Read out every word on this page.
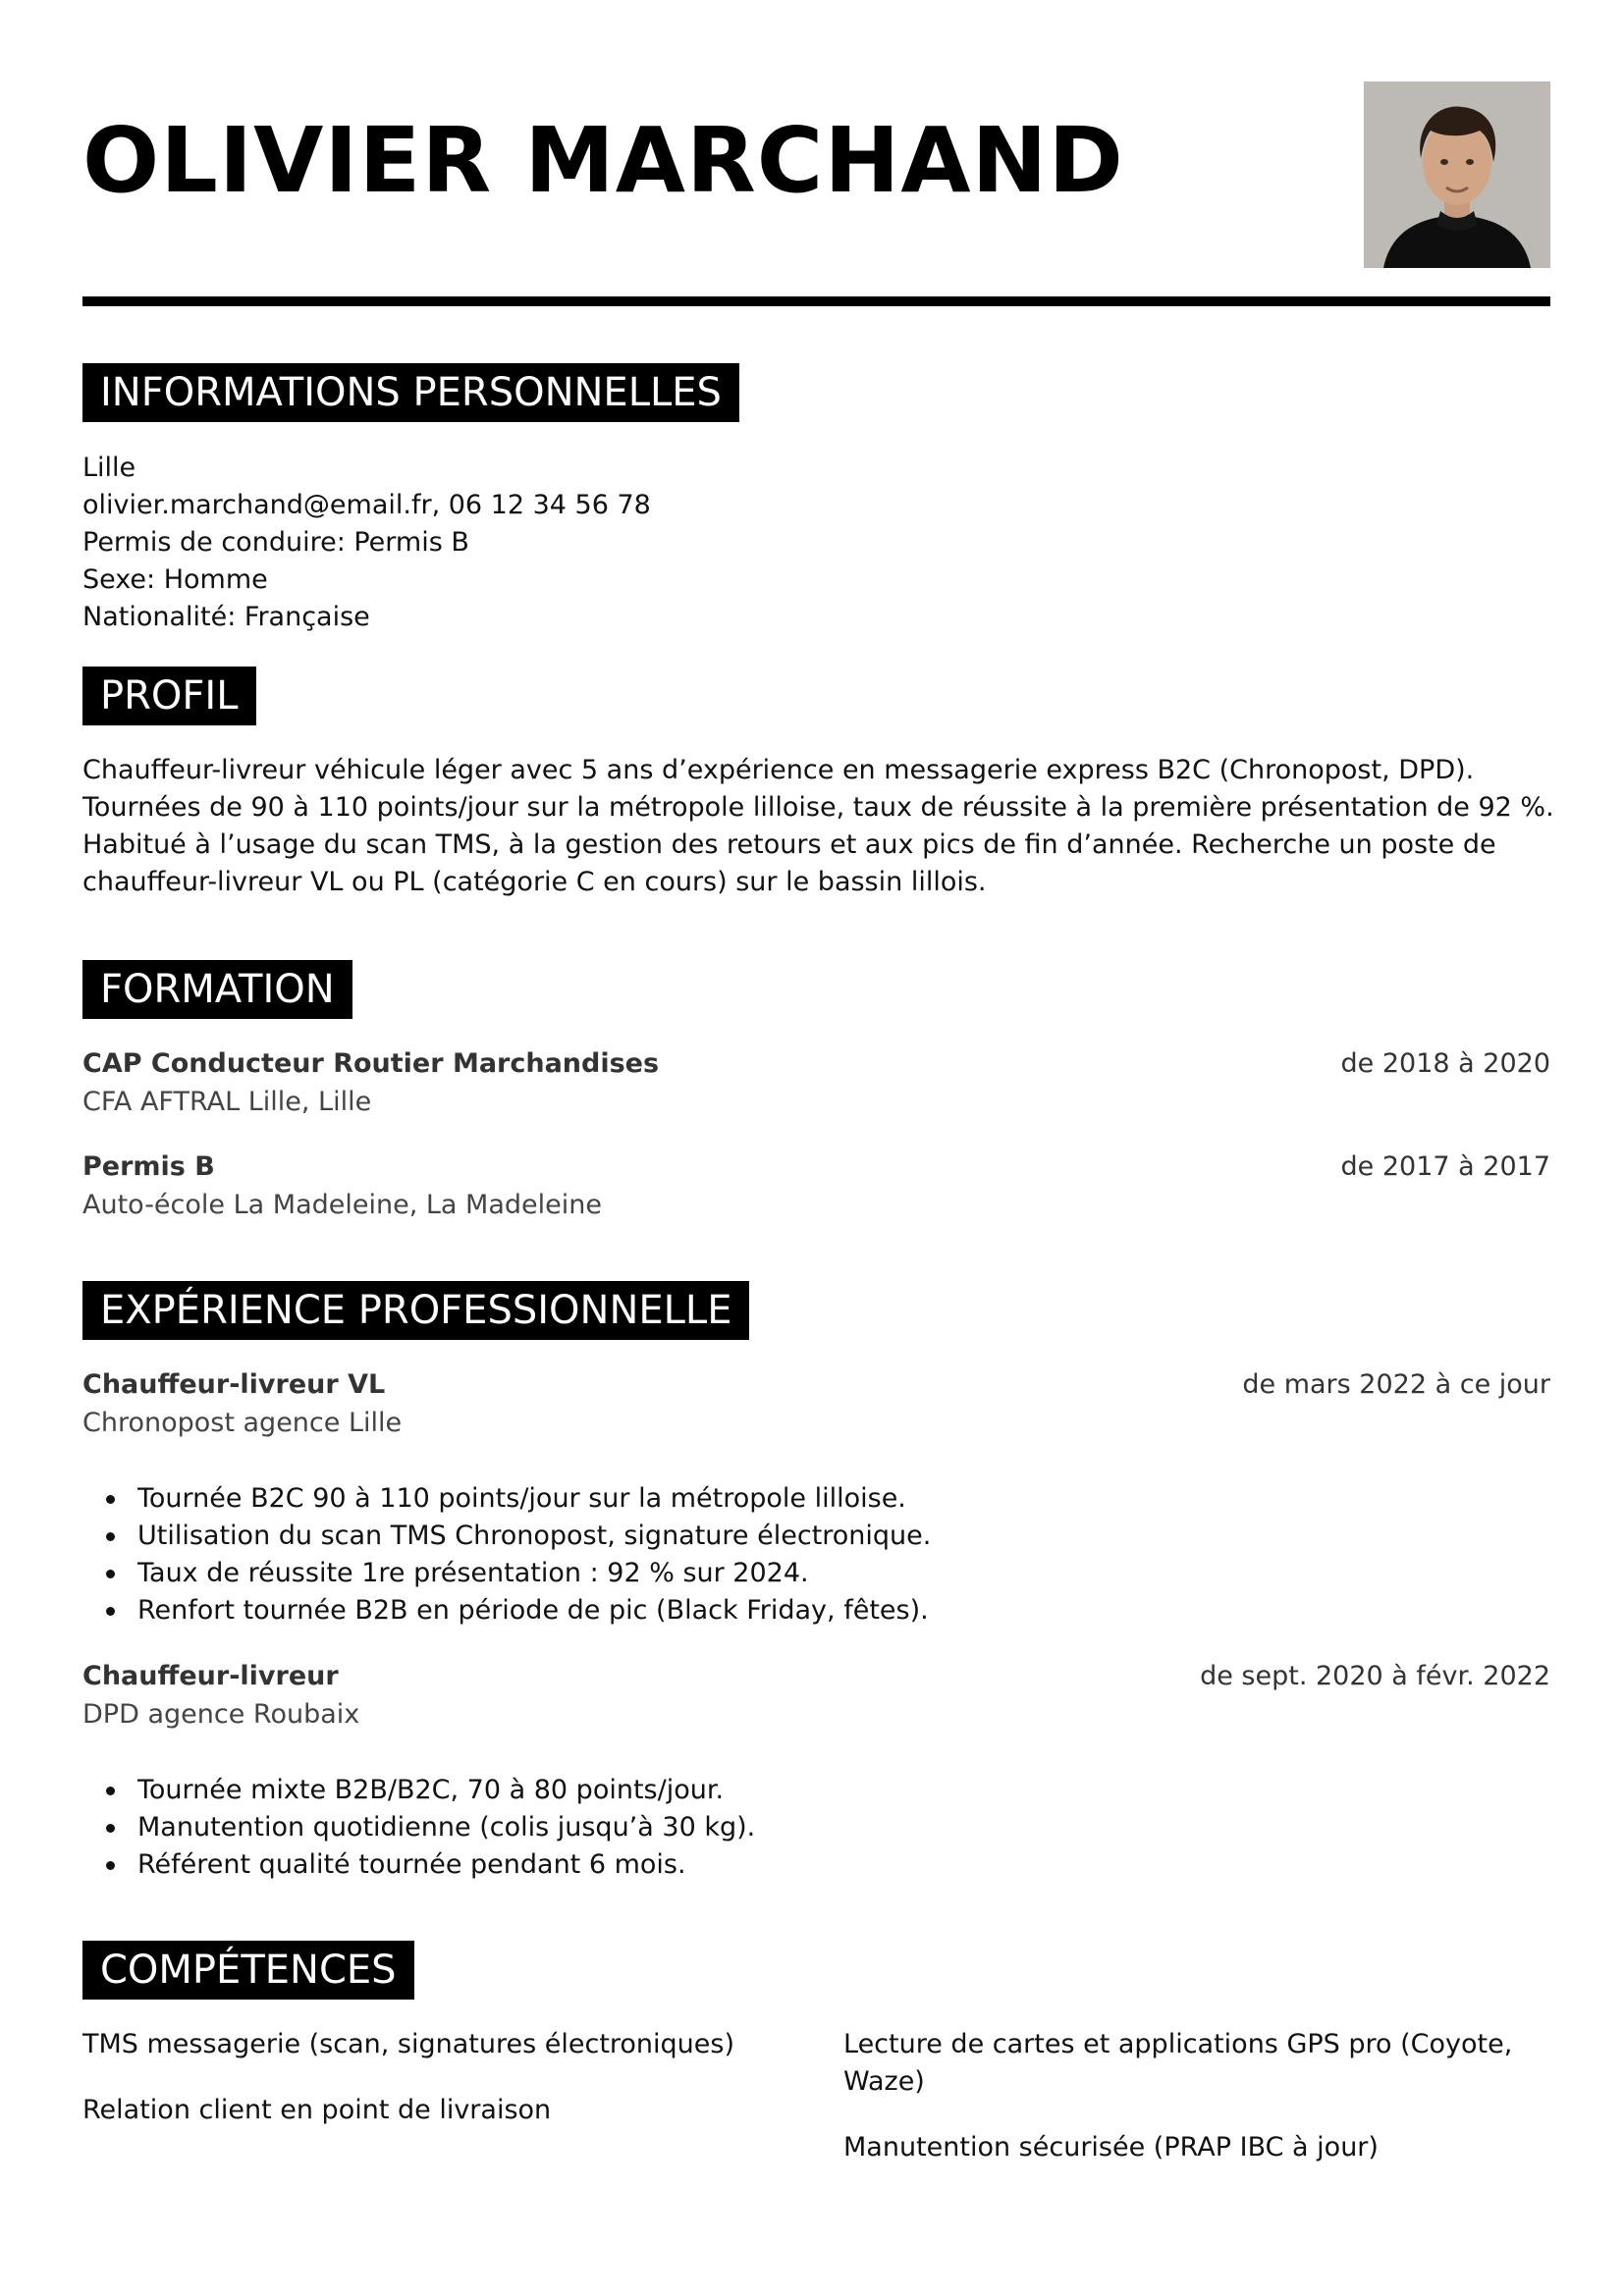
OLIVIER MARCHAND
INFORMATIONS PERSONNELLES
Lille
olivier.marchand@email.fr, 06 12 34 56 78
Permis de conduire: Permis B
Sexe: Homme
Nationalité: Française
PROFIL
Chauffeur-livreur véhicule léger avec 5 ans d’expérience en messagerie express B2C (Chronopost, DPD).
Tournées de 90 à 110 points/jour sur la métropole lilloise, taux de réussite à la première présentation de 92 %.
Habitué à l’usage du scan TMS, à la gestion des retours et aux pics de fin d’année. Recherche un poste de
chauffeur-livreur VL ou PL (catégorie C en cours) sur le bassin lillois.
FORMATION
CAP Conducteur Routier Marchandises
CFA AFTRAL Lille, Lille
de 2018 à 2020
Permis B
Auto-école La Madeleine, La Madeleine
de 2017 à 2017
EXPÉRIENCE PROFESSIONNELLE
Chauffeur-livreur VL
Chronopost agence Lille
de mars 2022 à ce jour
Tournée B2C 90 à 110 points/jour sur la métropole lilloise.
Utilisation du scan TMS Chronopost, signature électronique.
Taux de réussite 1re présentation : 92 % sur 2024.
Renfort tournée B2B en période de pic (Black Friday, fêtes).
Chauffeur-livreur
DPD agence Roubaix
de sept. 2020 à févr. 2022
Tournée mixte B2B/B2C, 70 à 80 points/jour.
Manutention quotidienne (colis jusqu’à 30 kg).
Référent qualité tournée pendant 6 mois.
COMPÉTENCES
TMS messagerie (scan, signatures électroniques)
Relation client en point de livraison
Lecture de cartes et applications GPS pro (Coyote, Waze)
Manutention sécurisée (PRAP IBC à jour)
